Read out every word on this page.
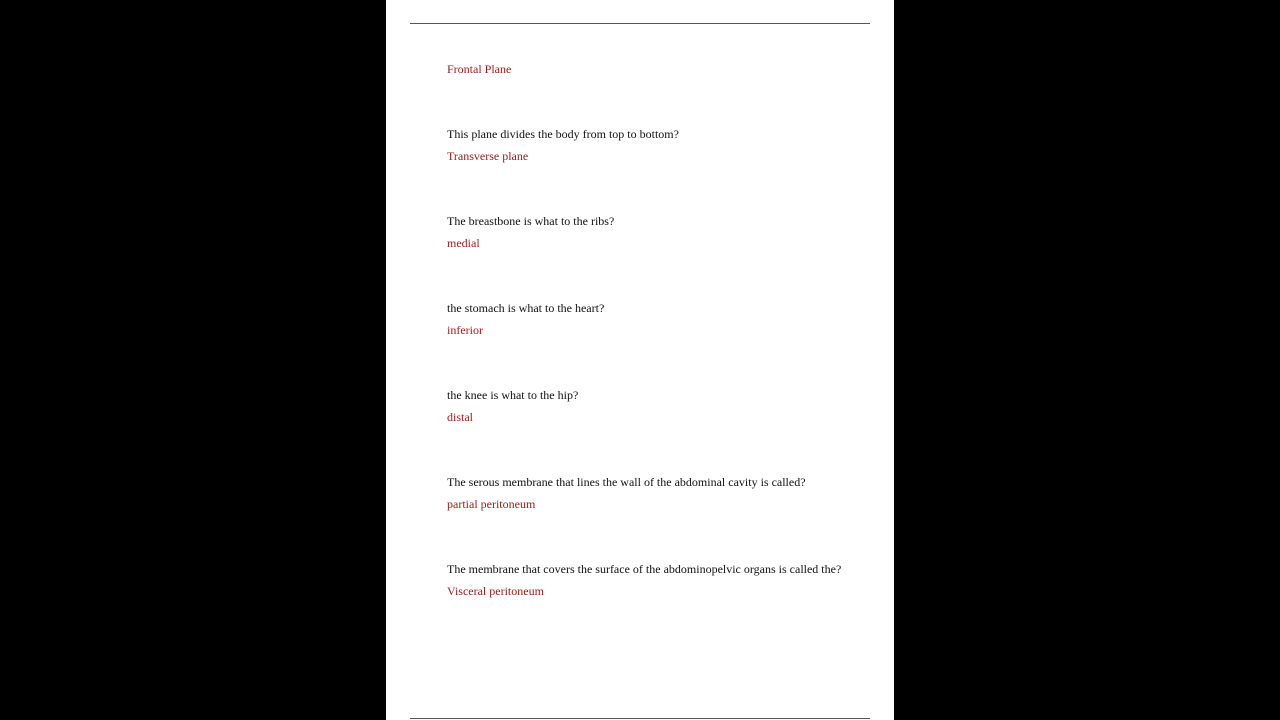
Frontal Plane
This plane divides the body from top to bottom?
Transverse plane
The breastbone is what to the ribs?
medial
the stomach is what to the heart?
inferior
the knee is what to the hip?
distal
The serous membrane that lines the wall of the abdominal cavity is called?
partial peritoneum
The membrane that covers the surface of the abdominopelvic organs is called the?
Visceral peritoneum
